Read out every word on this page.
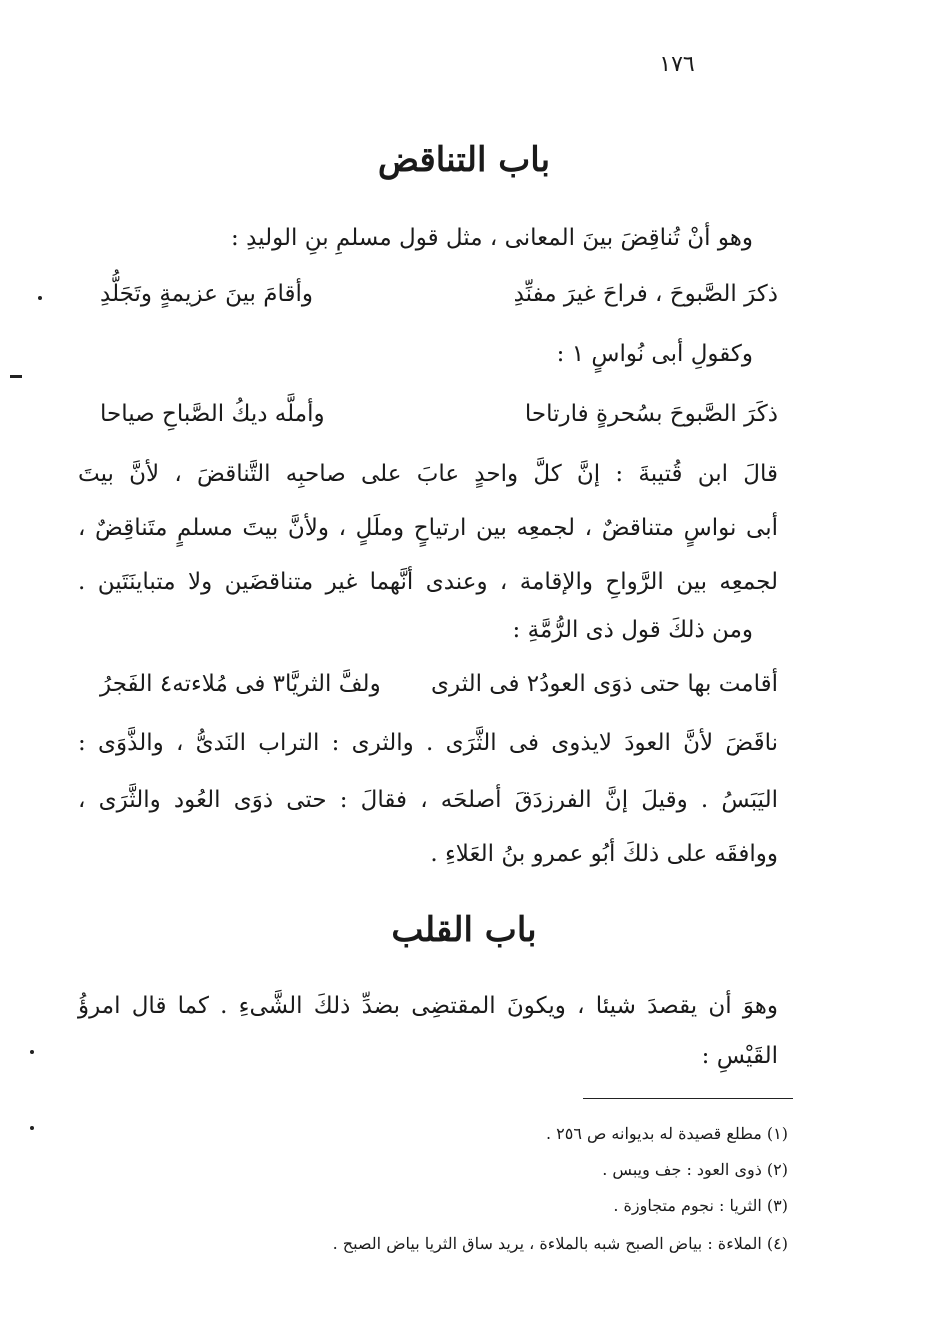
١٧٦
باب التناقض
وهو أنْ تُناقِضَ بينَ المعانى ، مثل قول مسلمِ بنِ الوليدِ :
ذكرَ الصَّبوحَ ، فراحَ غيرَ مفنِّدِ
وأقامَ بينَ عزيمةٍ وتَجَلُّدِ
وكقولِ أبى نُواسٍ ١ :
ذكَرَ الصَّبوحَ بسُحرةٍ فارتاحا
وأملَّه ديكُ الصَّباحِ صياحا
قالَ ابن قُتيبةَ : إنَّ كلَّ واحدٍ عابَ على صاحبِه التَّناقضَ ، لأنَّ بيتَ
أبى نواسٍ متناقضٌ ، لجمعِه بين ارتياحٍ وملَلٍ ، ولأنَّ بيتَ مسلمٍ متَناقِضٌ ،
لجمعِه بين الرَّواحِ والإقامة ، وعندى أنَّهما غير متناقضَين ولا متباينَتَين .
ومن ذلكَ قول ذى الرُّمَّةِ :
أقامت بها حتى ذوَى العودُ٢ فى الثرى
ولفَّ الثريَّا٣ فى مُلاءته٤ الفَجرُ
ناقَضَ لأنَّ العودَ لايذوى فى الثَّرَى . والثرى : التراب النَدىُّ ، والذَّوَى :
اليَبَسُ . وقيلَ إنَّ الفرزدَقَ أصلحَه ، فقالَ : حتى ذوَى العُود والثَّرَى ،
ووافقَه على ذلكَ أبُو عمرو بنُ العَلاءِ .
باب القلب
وهوَ أن يقصدَ شيئا ، ويكونَ المقتضِى بضدِّ ذلكَ الشَّىءِ . كما قال امرؤُ
القَيْسِ :
(١) مطلع قصيدة له بديوانه ص ٢٥٦ .
(٢) ذوى العود : جف ويبس .
(٣) الثريا : نجوم متجاوزة .
(٤) الملاءة : بياض الصبح شبه بالملاءة ، يريد ساق الثريا بياض الصبح .
